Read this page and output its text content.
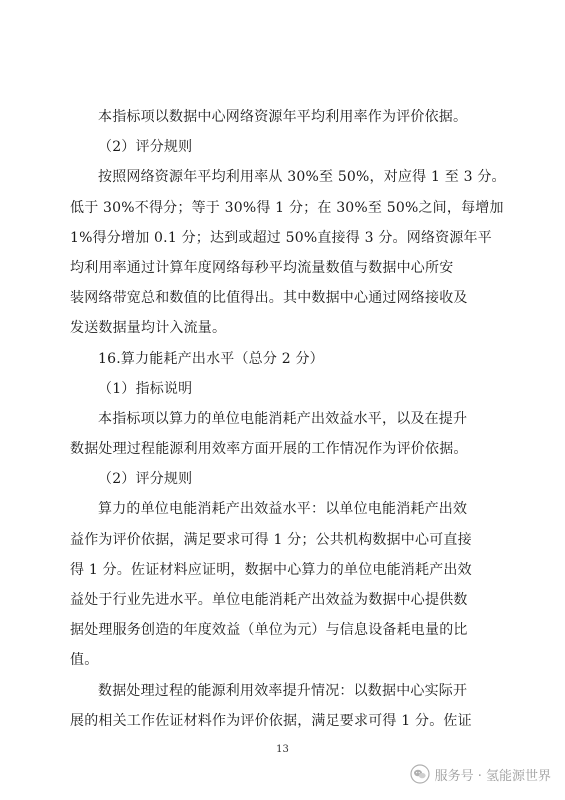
本指标项以数据中心网络资源年平均利用率作为评价依据。
（2）评分规则
按照网络资源年平均利用率从 30%至 50%，对应得 1 至 3 分。
低于 30%不得分；等于 30%得 1 分；在 30%至 50%之间，每增加
1%得分增加 0.1 分；达到或超过 50%直接得 3 分。网络资源年平
均利用率通过计算年度网络每秒平均流量数值与数据中心所安
装网络带宽总和数值的比值得出。其中数据中心通过网络接收及
发送数据量均计入流量。
16.算力能耗产出水平（总分 2 分）
（1）指标说明
本指标项以算力的单位电能消耗产出效益水平，以及在提升
数据处理过程能源利用效率方面开展的工作情况作为评价依据。
（2）评分规则
算力的单位电能消耗产出效益水平：以单位电能消耗产出效
益作为评价依据，满足要求可得 1 分；公共机构数据中心可直接
得 1 分。佐证材料应证明，数据中心算力的单位电能消耗产出效
益处于行业先进水平。单位电能消耗产出效益为数据中心提供数
据处理服务创造的年度效益（单位为元）与信息设备耗电量的比
值。
数据处理过程的能源利用效率提升情况：以数据中心实际开
展的相关工作佐证材料作为评价依据，满足要求可得 1 分。佐证
13
服务号 · 氢能源世界
